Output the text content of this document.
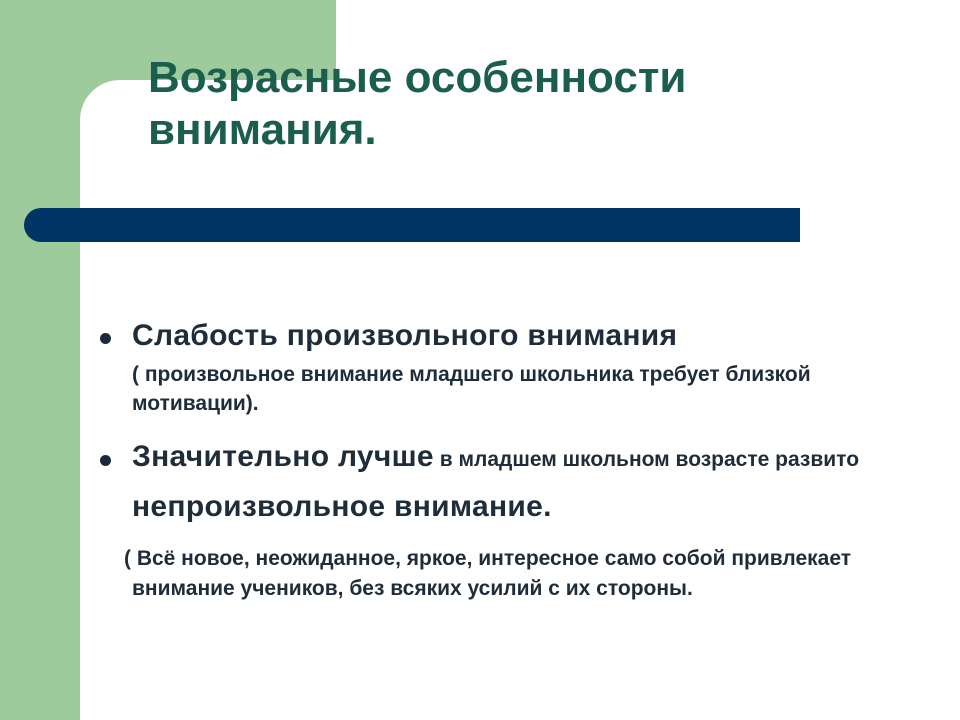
Возрасные особенности внимания.
Слабость произвольного внимания
( произвольное внимание младшего школьника требует близкой мотивации).
Значительно лучше в младшем школьном возрасте развито непроизвольное внимание.
( Всё новое, неожиданное, яркое, интересное само собой привлекает внимание учеников, без всяких усилий с их стороны.
